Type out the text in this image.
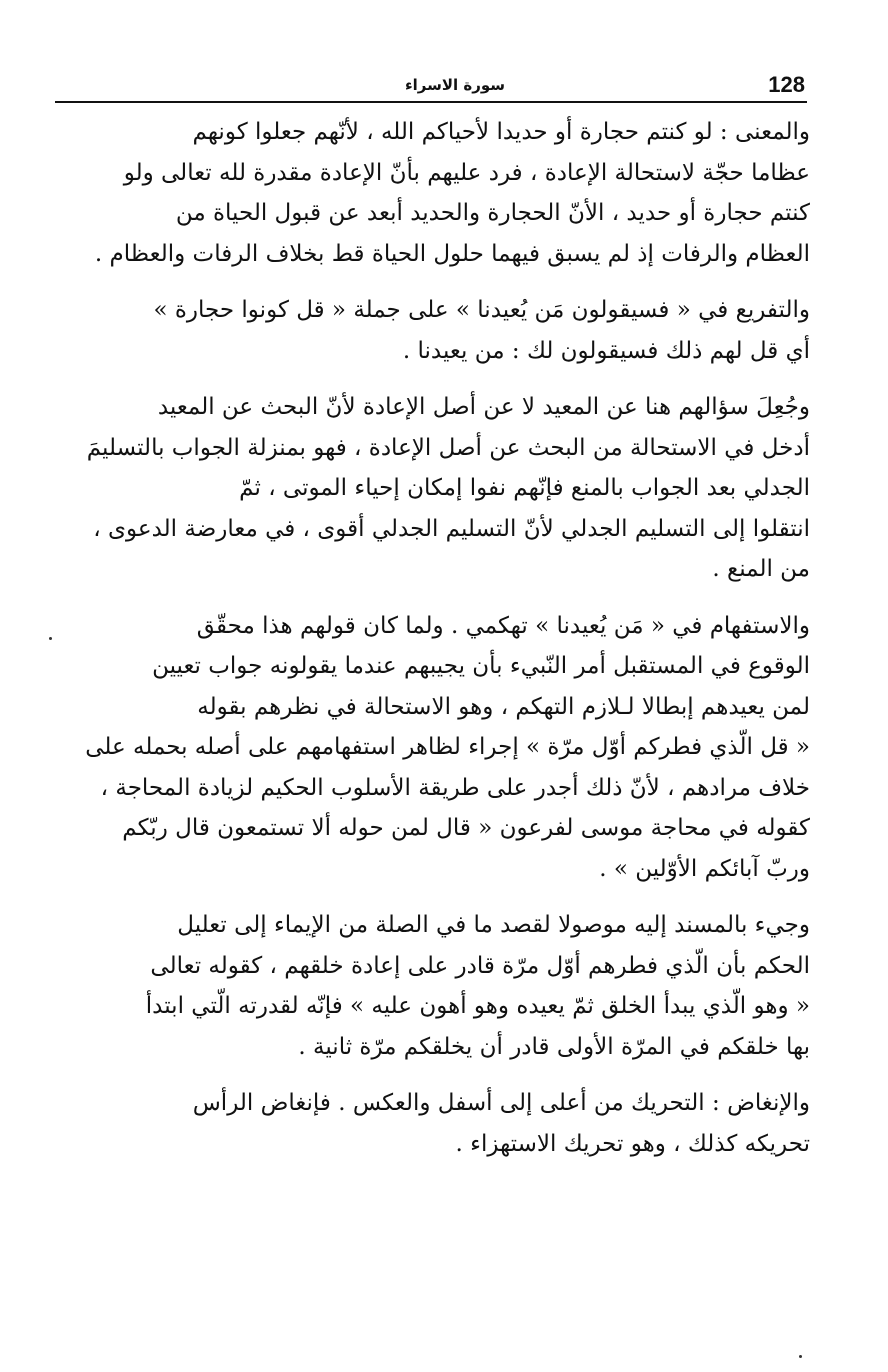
128
سورة الاسراء

والمعنى : لو كنتم حجارة أو حديدا لأحياكم الله ، لأنّهم جعلوا كونهم
عظاما حجّة لاستحالة الإعادة ، فرد عليهم بأنّ الإعادة مقدرة لله تعالى ولو
كنتم حجارة أو حديد ، الأنّ الحجارة والحديد أبعد عن قبول الحياة من
العظام والرفات إذ لم يسبق فيهما حلول الحياة قط بخلاف الرفات والعظام .

والتفريع في « فسيقولون مَن يُعيدنا » على جملة « قل كونوا حجارة »
أي قل لهم ذلك فسيقولون لك : من يعيدنا .

وجُعِلَ سؤالهم هنا عن المعيد لا عن أصل الإعادة لأنّ البحث عن المعيد
أدخل في الاستحالة من البحث عن أصل الإعادة ، فهو بمنزلة الجواب بالتسليمَ
الجدلي بعد الجواب بالمنع فإنّهم نفوا إمكان إحياء الموتى ، ثمّ
انتقلوا إلى التسليم الجدلي لأنّ التسليم الجدلي أقوى ، في معارضة الدعوى ،
من المنع .

والاستفهام في « مَن يُعيدنا » تهكمي . ولما كان قولهم هذا محقّق
الوقوع في المستقبل أمر النّبيء بأن يجيبهم عندما يقولونه جواب تعيين
لمن يعيدهم إبطالا لـلازم التهكم ، وهو الاستحالة في نظرهم بقوله
« قل الّذي فطركم أوّل مرّة » إجراء لظاهر استفهامهم على أصله بحمله على
خلاف مرادهم ، لأنّ ذلك أجدر على طريقة الأسلوب الحكيم لزيادة المحاجة ،
كقوله في محاجة موسى لفرعون « قال لمن حوله ألا تستمعون قال ربّكم
وربّ آبائكم الأوّلين » .

وجيء بالمسند إليه موصولا لقصد ما في الصلة من الإيماء إلى تعليل
الحكم بأن الّذي فطرهم أوّل مرّة قادر على إعادة خلقهم ، كقوله تعالى
« وهو الّذي يبدأ الخلق ثمّ يعيده وهو أهون عليه » فإنّه لقدرته الّتي ابتدأ
بها خلقكم في المرّة الأولى قادر أن يخلقكم مرّة ثانية .

والإنغاض : التحريك من أعلى إلى أسفل والعكس . فإنغاض الرأس
تحريكه كذلك ، وهو تحريك الاستهزاء .
